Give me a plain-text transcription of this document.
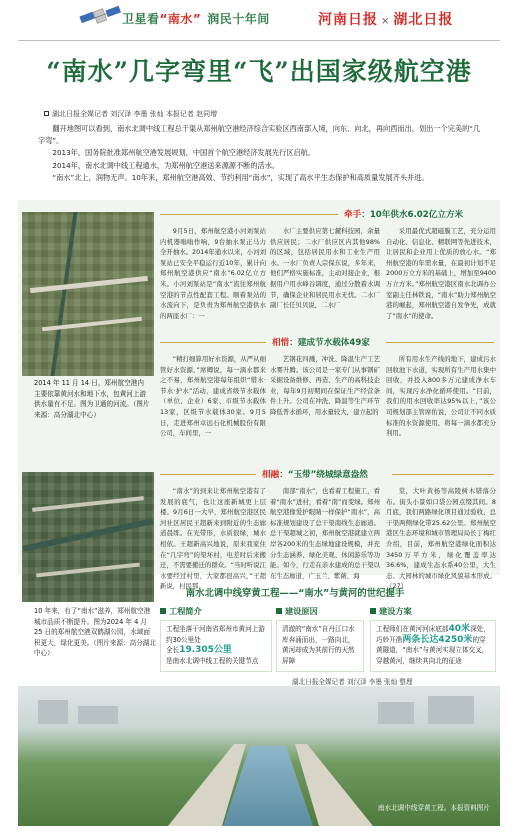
卫星看“南水” 润民十年间	河南日报 × 湖北日报
“南水”几字弯里“飞”出国家级航空港
湖北日报全媒记者 刘汉泽 李墨 张灿 本报记者 赵同增

翻开地图可以看到，南水北调中线工程总干渠从郑州航空港经济综合实验区西南部入境，向东、向北，再向西而出，划出一个完美的“几字弯”。

2013年，国务院批准郑州航空港发展规划，中国首个航空港经济发展先行区启航。

2014年，南水北调中线工程通水，为郑州航空港送来源源不断的活水。

“南水”北上，润物无声。10年来，郑州航空港高效、节约利用“南水”，实现了高水平生态保护和高质量发展齐头并进。

2014 年 11 月 14 日，郑州航空港内主要依靠黄河水和地下水，包黄河上游供水量有不足。图为卫通的河流。（图片来源：高分湖北中心）
10 年来，有了“南水”滋养，郑州航空港城市品质不断提升。图为2024 年 4 月 25 日的郑州航空港双鹤湖公园，水域面积更大，绿化更美。（图片来源：高分湖北中心）
牵手：10年供水6.02亿立方米

9月5日，郑州航空港小河刘泵站内机器嗡嗡作响，9台抽水泵正马力全开抽水。2014年通水以来，小河刘泵站已安全平稳运行近10年，累计向郑州航空港供应“南水”6.02亿立方米。小河刘泵站是“南水”流往郑州航空港的节点性配套工程。顺着泵站的水流向下，是负责为郑州航空港供水的两座水厂：一

水厂主要供应第七麓科技园，余量供应居民；二水厂供应区内其他98%的区域，包括居民用水和工业生产用水。一水厂负责人宗保东说，多年来，他们严格实施标准，主动对接企业，根据用户用水峰谷调度，通过分散着水调节，确保企业和居民用水无忧。二水厂副厂长任贝贝说，二水厂

采用最优式超磁膜工艺，充分运用自动化、信息化、精联网等先进技术，让居民和企业用上优质的放心水。“郑州航空港的年需水量，在最初计划不足2000万立方米的基础上，增加至9400万立方米。”郑州航空港区南水北调办公室副主任林铁说，“南水”助力郑州航空港的崛起，郑州航空港自发争先，成就了“南水”的使命。

相惜：建成节水载体49家

“精打细算用好水资源，从严从细管好水资源，”席卿说，每一滴水都来之不易，郑州航空港每年组织“惜水·节水·护水”活动，建成省级节水载体（单位、企业）6家、市级节水载体13家，区级节水载体30家。9月5日，走进郑州卓远石化机械股份有限公司，车间里，一

艺钢花四溅，冲洗、降温生产工艺水雾升腾。该公司是一家专门从事钢矿采掘设备维修、再造、生产的高科技企业，每年9月初期间在保证生产经营条件上升。公司在冲洗、降温等生产环节降低普水循环，用水量较大，建立起的

所有用水生产线的地下，建成污水回收池下水道，实现所有生产用水集中回收，并投入800多万元建成净水车间，实现污水净化循环使用。“目前，我们的用水回收率达95%以上，”该公司规划部主管席佑说，公司让不同水质标准的水资源使用，将每一滴水都充分利用。

相融：“玉带”绕城绿意盎然

“南水”的到来让郑州航空港有了发展的底气，也让这座新城更上层楼。9月6日一大早，郑州航空港区民河社区居民王超新来到附近的生态廊道晨练。在光带形，水质很绿，城水相依。王超新高兴地说，原来我家住在“几字弯”的渠坏村，电差时后来搬迁，不需要搬迁的群众。“当时听说江水要经过村里，大家都很高兴，”王超新说，村民那

南部“南水”，也看着工程施工，看着“南水”进村，看着“南”而变绿。郑州航空港像爱护眼睛一样保护“南水”，高标准规划建设了总干渠南线生态廊道。总干渠超城之初，郑州航空港就建立两岸各200米的生态绿地建设规模，并充分生态涵养、绿化美观、休闲游乐等功能。如今，行走在亲水建成的总干渠以东生态廊道，广玉兰、紫薇、海

棠，大叶黄杨等高陵树木错落分布。街头小景如口袋公园点缀其间。8月底，我们两路绿化项目通过验收，总干渠两侧绿化带25.62公里。郑州航空港区生态环境和城市管理局局长丁梅红介绍，目前，郑州航空港绿化面积达3450万平方米，绿化覆盖率达36.6%，建成生态水系40公里，大生态、大园林的城市绿化风貌基本形成。（27）

南水北调中线穿黄工程——“南水”与黄河的世纪握手
工程简介
工程坐落于河南省郑州市黄河上游约30公里处
全长19.305公里
是南水北调中线工程的关键节点
建设原因
清澈的“南水”自丹江口水库奔涌而出，一路向北，黄河却成为其前行的天然屏障
建设方案
工程师们在黄河河床底部40米深处，巧妙开凿两条长达4250米的穿黄隧道，“南水”与黄河实现立体交叉，穿越黄河，继续其向北的征途
湖北日报全媒记者 刘汉泽 李墨 张灿 整理
南水北调中线穿黄工程。本报资料图片
